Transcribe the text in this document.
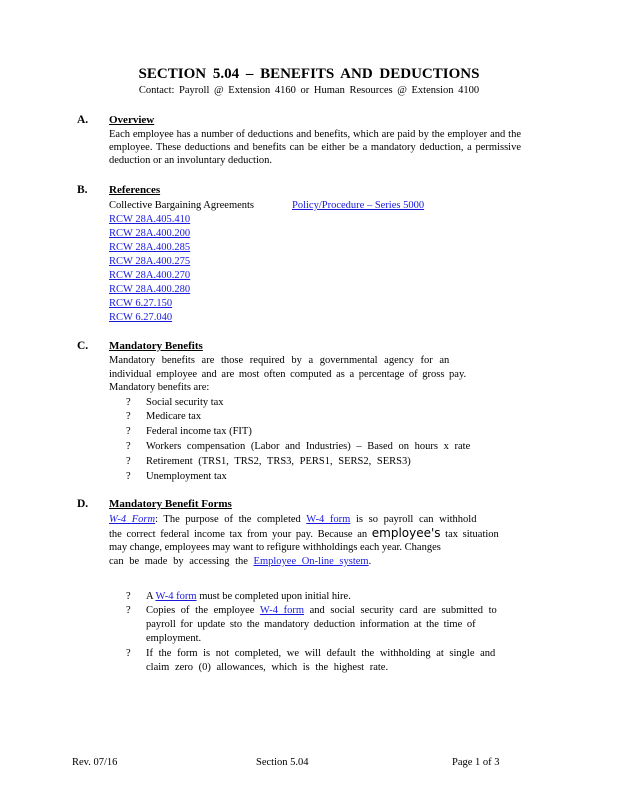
SECTION 5.04 – BENEFITS AND DEDUCTIONS
Contact: Payroll @ Extension 4160 or Human Resources @ Extension 4100
A. Overview
Each employee has a number of deductions and benefits, which are paid by the employer and the employee. These deductions and benefits can be either be a mandatory deduction, a permissive deduction or an involuntary deduction.
B. References
Collective Bargaining Agreements	Policy/Procedure – Series 5000
RCW 28A.405.410
RCW 28A.400.200
RCW 28A.400.285
RCW 28A.400.275
RCW 28A.400.270
RCW 28A.400.280
RCW 6.27.150
RCW 6.27.040
C. Mandatory Benefits
Mandatory benefits are those required by a governmental agency for an
individual employee and are most often computed as a percentage of gross pay.
Mandatory benefits are:
? Social security tax
? Medicare tax
? Federal income tax (FIT)
? Workers compensation (Labor and Industries) – Based on hours x rate
? Retirement (TRS1, TRS2, TRS3, PERS1, SERS2, SERS3)
? Unemployment tax
D. Mandatory Benefit Forms
W-4 Form: The purpose of the completed W-4 form is so payroll can withhold
the correct federal income tax from your pay. Because an employee's tax situation
may change, employees may want to refigure withholdings each year. Changes
can be made by accessing the Employee On-line system.
? A W-4 form must be completed upon initial hire.
? Copies of the employee W-4 form and social security card are submitted to
payroll for update sto the mandatory deduction information at the time of
employment.
? If the form is not completed, we will default the withholding at single and
claim zero (0) allowances, which is the highest rate.
Rev. 07/16	Section 5.04	Page 1 of 3
